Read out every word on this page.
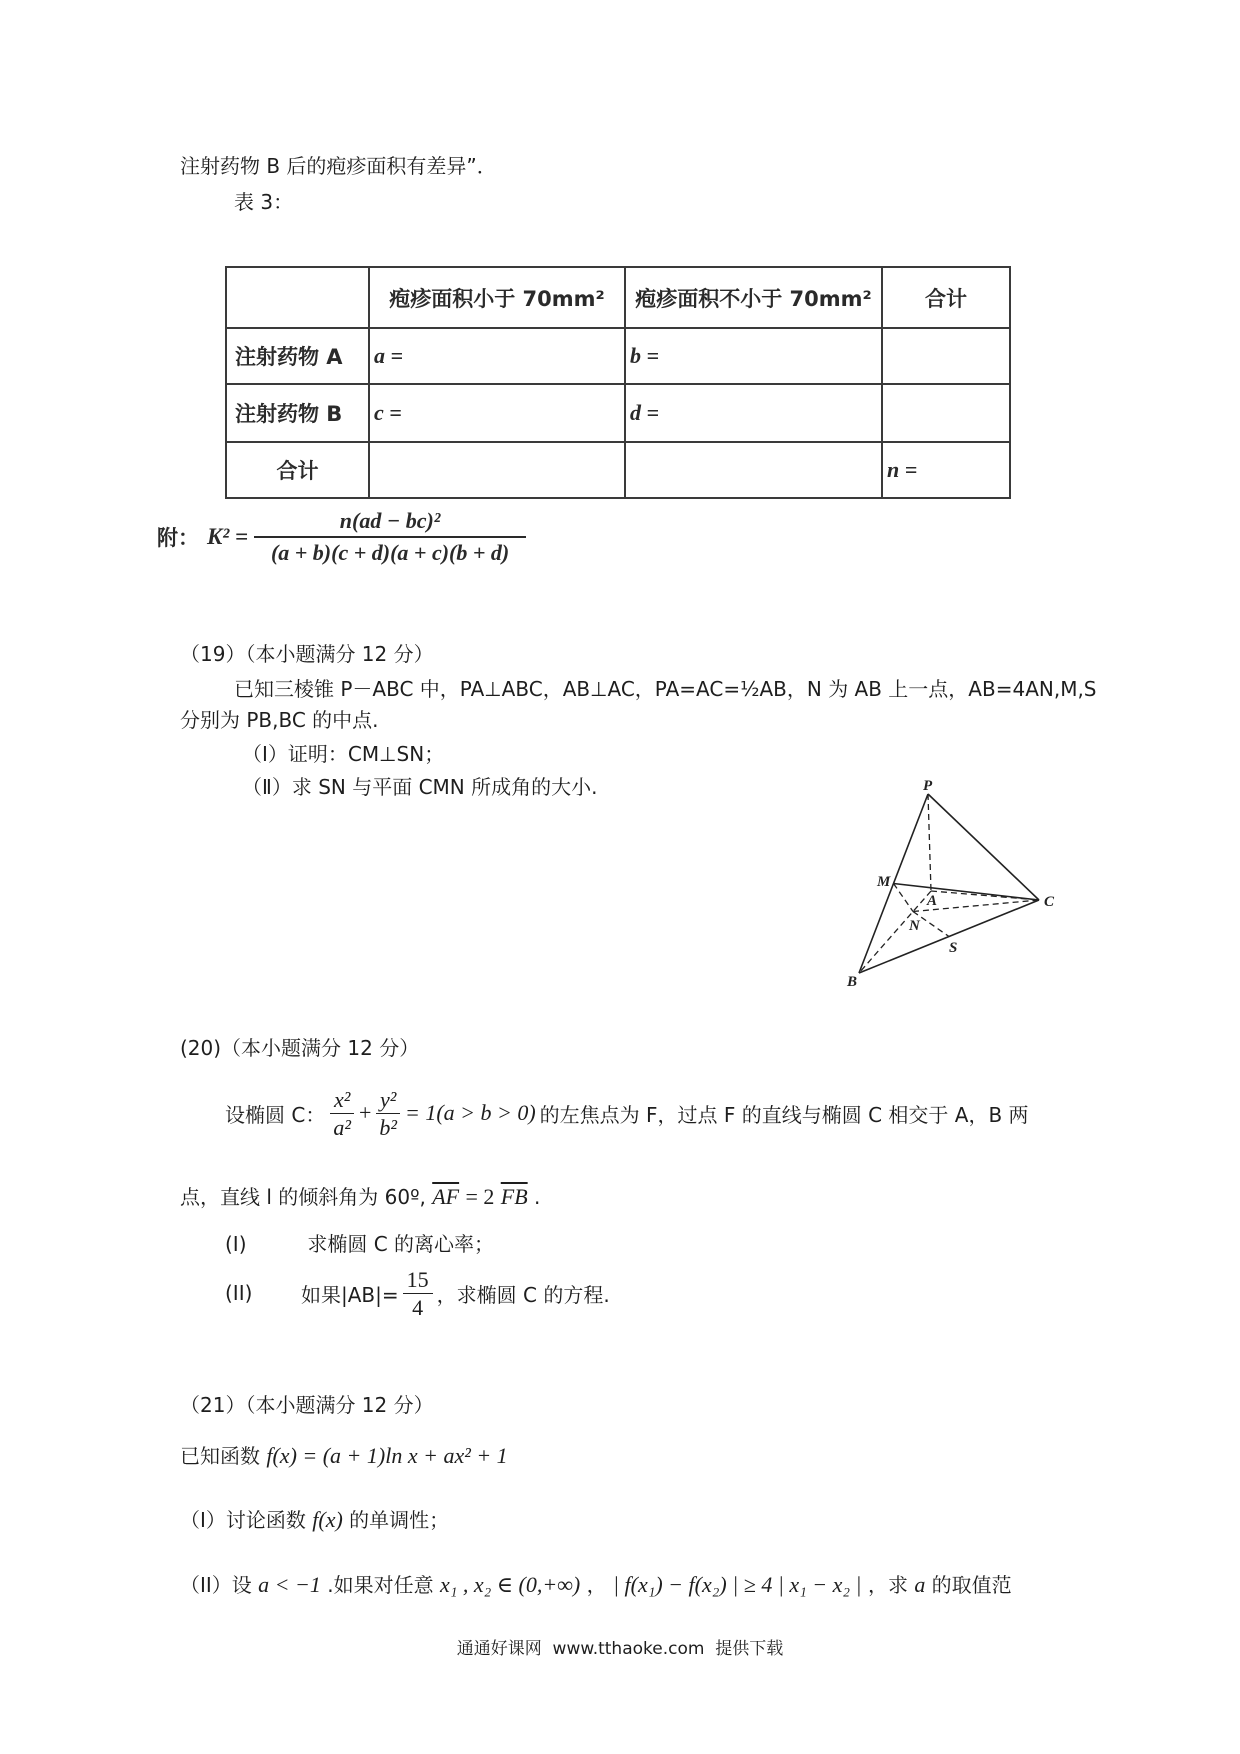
注射药物 B 后的疱疹面积有差异”．
表 3：
	疱疹面积小于 70mm²	疱疹面积不小于 70mm²	合计
注射药物 A	a =	b =	
注射药物 B	c =	d =	
合计			n =
附： $K^2 = \frac{\text{n(ad − bc)²}}{(a + b)(c + d)(a + c)(b + d)}$
（19）（本小题满分 12 分）
已知三棱锥 P－ABC 中，PA⊥ABC，AB⊥AC，PA=AC=½AB，N 为 AB 上一点，AB=4AN,M,S
分别为 PB,BC 的中点.
（Ⅰ）证明：CM⊥SN；
（Ⅱ）求 SN 与平面 CMN 所成角的大小.	P
M
A
N
C
S
B
(20)（本小题满分 12 分）
设椭圆 C： $\frac{\text{x²}}{\text{a²}} + \frac{\text{y²}}{\text{b²}} = 1(a > b > 0)$ 的左焦点为 F，过点 F 的直线与椭圆 C 相交于 A，B 两
点，直线 l 的倾斜角为 60º, $\overline{AF} = 2$ $\overline{FB}$ .
(I)	求椭圆 C 的离心率；
(II)	如果$|AB|= \frac{15}{4}$ ，求椭圆 C 的方程.
（21）（本小题满分 12 分）
已知函数 f(x) = (a + 1)ln x + ax² + 1
（I）讨论函数 f(x) 的单调性；
（II）设 a < −1 .如果对任意 x₁ , x₂ ∈ (0,+∞) ， | f(x₁) − f(x₂) | ≥ 4 | x₁ − x₂ | ，求 a 的取值范
通通好课网  www.tthaoke.com  提供下载
